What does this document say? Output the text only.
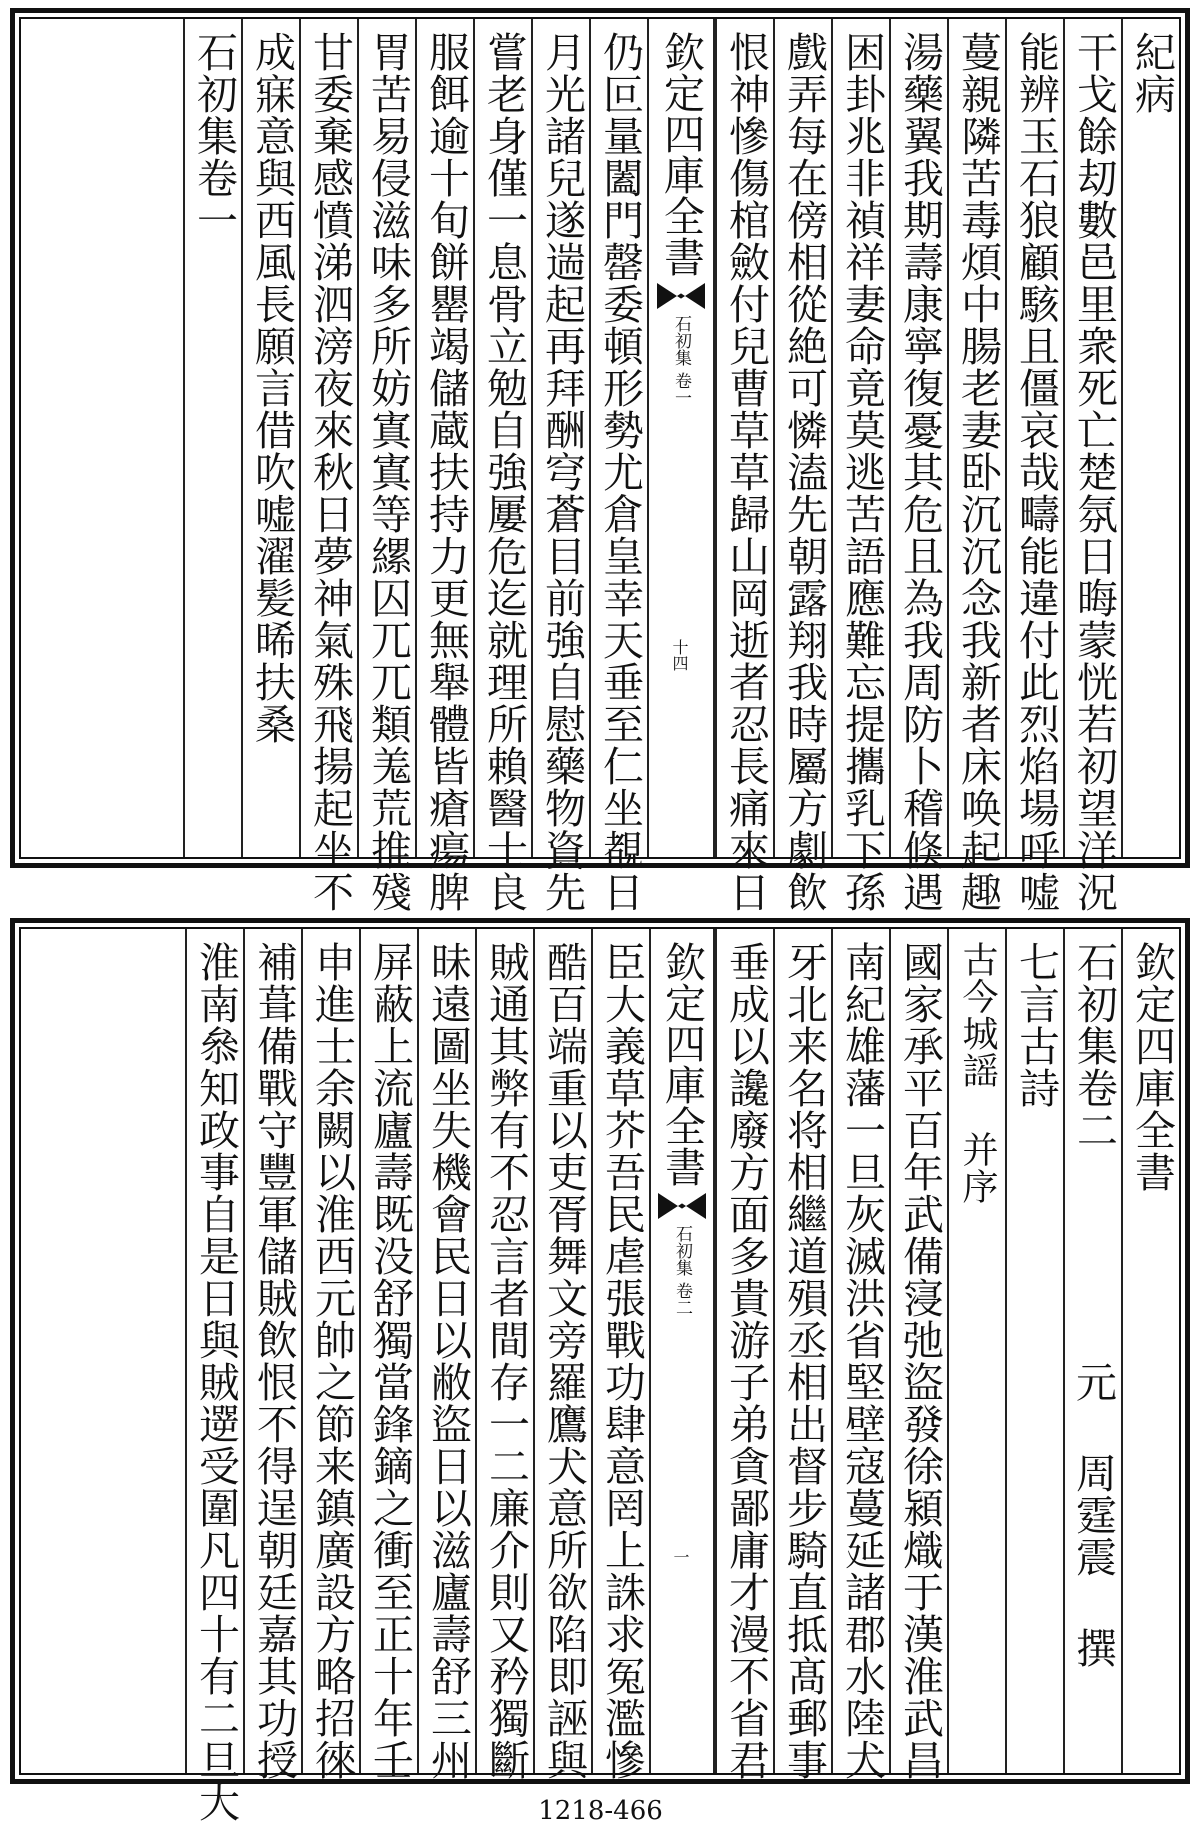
紀病
干戈餘刧數邑里衆死亡楚氛日晦蒙恍若初望洋況
能辨玉石狼顧駭且僵哀哉疇能違付此烈焰場呼嘘
蔓親隣苦毒煩中腸老妻卧沉沉念我新者床唤起趣
湯藥翼我期壽康寧復憂其危且為我周防卜稽倏遇
困卦兆非禎祥妻命竟莫逃苦語應難忘提攜乳下孫
戲弄每在傍相從絶可憐溘先朝露翔我時屬方劇飲
恨神慘傷棺斂付兒曹草草歸山岡逝者忍長痛來日
欽定四庫全書
石初集
卷一
十四
仍叵量闔門罄委頓形勢尤倉皇幸天垂至仁坐覩日
月光諸兒遂遄起再拜酬穹蒼目前強自慰藥物資先
嘗老身僅一息骨立勉自強屢危迄就理所賴醫士良
服餌逾十旬餅罌竭儲蔵扶持力更無舉體皆瘡瘍脾
胃苦易侵滋味多所妨寘寘等縲囚兀兀類羗荒推殘
甘委棄感憤涕泗滂夜來秋日夢神氣殊飛揚起坐不
成寐意與西風長願言借吹嘘濯髪晞扶桑
石初集卷一
欽定四庫全書
石初集卷二
元 周霆震 撰
七言古詩
古今城謡 并序
國家承平百年武備寖弛盜發徐潁熾于漢淮武昌
南紀雄藩一旦灰滅洪省堅壁寇蔓延諸郡水陸犬
牙北来名将相繼道殞丞相出督步騎直抵髙郵事
垂成以讒廢方面多貴游子弟貪鄙庸才漫不省君
欽定四庫全書
石初集
卷二
一
臣大義草芥吾民虐張戰功肆意罔上誅求冤濫慘
酷百端重以吏胥舞文旁羅鷹犬意所欲陷即誣與
賊通其弊有不忍言者間存一二廉介則又矜獨斷
昧遠圖坐失機會民日以敝盜日以滋廬壽舒三州
屏蔽上流廬壽既没舒獨當鋒鏑之衝至正十年壬
申進士余闕以淮西元帥之節来鎮廣設方略招徠
補葺備戰守豐軍儲賊飲恨不得逞朝廷嘉其功授
淮南叅知政事自是日與賊遻受圍凡四十有二旦大	1218-466
